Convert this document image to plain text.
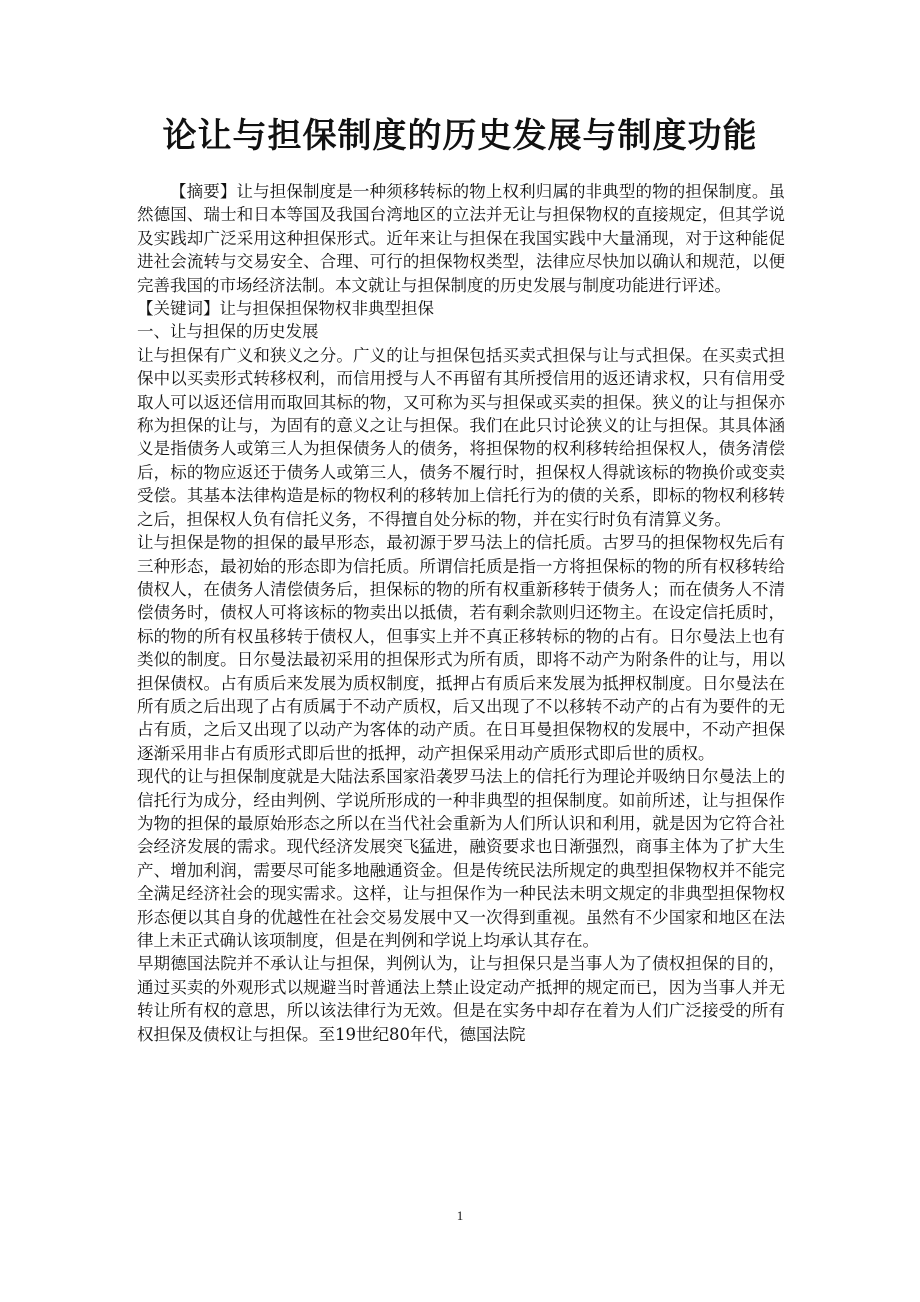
论让与担保制度的历史发展与制度功能

【摘要】让与担保制度是一种须移转标的物上权利归属的非典型的物的担保制度。虽然德国、瑞士和日本等国及我国台湾地区的立法并无让与担保物权的直接规定，但其学说及实践却广泛采用这种担保形式。近年来让与担保在我国实践中大量涌现，对于这种能促进社会流转与交易安全、合理、可行的担保物权类型，法律应尽快加以确认和规范，以便完善我国的市场经济法制。本文就让与担保制度的历史发展与制度功能进行评述。

【关键词】让与担保担保物权非典型担保

一、让与担保的历史发展

让与担保有广义和狭义之分。广义的让与担保包括买卖式担保与让与式担保。在买卖式担保中以买卖形式转移权利，而信用授与人不再留有其所授信用的返还请求权，只有信用受取人可以返还信用而取回其标的物，又可称为买与担保或买卖的担保。狭义的让与担保亦称为担保的让与，为固有的意义之让与担保。我们在此只讨论狭义的让与担保。其具体涵义是指债务人或第三人为担保债务人的债务，将担保物的权利移转给担保权人，债务清偿后，标的物应返还于债务人或第三人，债务不履行时，担保权人得就该标的物换价或变卖受偿。其基本法律构造是标的物权利的移转加上信托行为的债的关系，即标的物权利移转之后，担保权人负有信托义务，不得擅自处分标的物，并在实行时负有清算义务。

让与担保是物的担保的最早形态，最初源于罗马法上的信托质。古罗马的担保物权先后有三种形态，最初始的形态即为信托质。所谓信托质是指一方将担保标的物的所有权移转给债权人，在债务人清偿债务后，担保标的物的所有权重新移转于债务人；而在债务人不清偿债务时，债权人可将该标的物卖出以抵债，若有剩余款则归还物主。在设定信托质时，标的物的所有权虽移转于债权人，但事实上并不真正移转标的物的占有。日尔曼法上也有类似的制度。日尔曼法最初采用的担保形式为所有质，即将不动产为附条件的让与，用以担保债权。占有质后来发展为质权制度，抵押占有质后来发展为抵押权制度。日尔曼法在所有质之后出现了占有质属于不动产质权，后又出现了不以移转不动产的占有为要件的无占有质，之后又出现了以动产为客体的动产质。在日耳曼担保物权的发展中，不动产担保逐渐采用非占有质形式即后世的抵押，动产担保采用动产质形式即后世的质权。

现代的让与担保制度就是大陆法系国家沿袭罗马法上的信托行为理论并吸纳日尔曼法上的信托行为成分，经由判例、学说所形成的一种非典型的担保制度。如前所述，让与担保作为物的担保的最原始形态之所以在当代社会重新为人们所认识和利用，就是因为它符合社会经济发展的需求。现代经济发展突飞猛进，融资要求也日渐强烈，商事主体为了扩大生产、增加利润，需要尽可能多地融通资金。但是传统民法所规定的典型担保物权并不能完全满足经济社会的现实需求。这样，让与担保作为一种民法未明文规定的非典型担保物权形态便以其自身的优越性在社会交易发展中又一次得到重视。虽然有不少国家和地区在法律上未正式确认该项制度，但是在判例和学说上均承认其存在。

早期德国法院并不承认让与担保，判例认为，让与担保只是当事人为了债权担保的目的，通过买卖的外观形式以规避当时普通法上禁止设定动产抵押的规定而已，因为当事人并无转让所有权的意思，所以该法律行为无效。但是在实务中却存在着为人们广泛接受的所有权担保及债权让与担保。至19世纪80年代，德国法院

1
